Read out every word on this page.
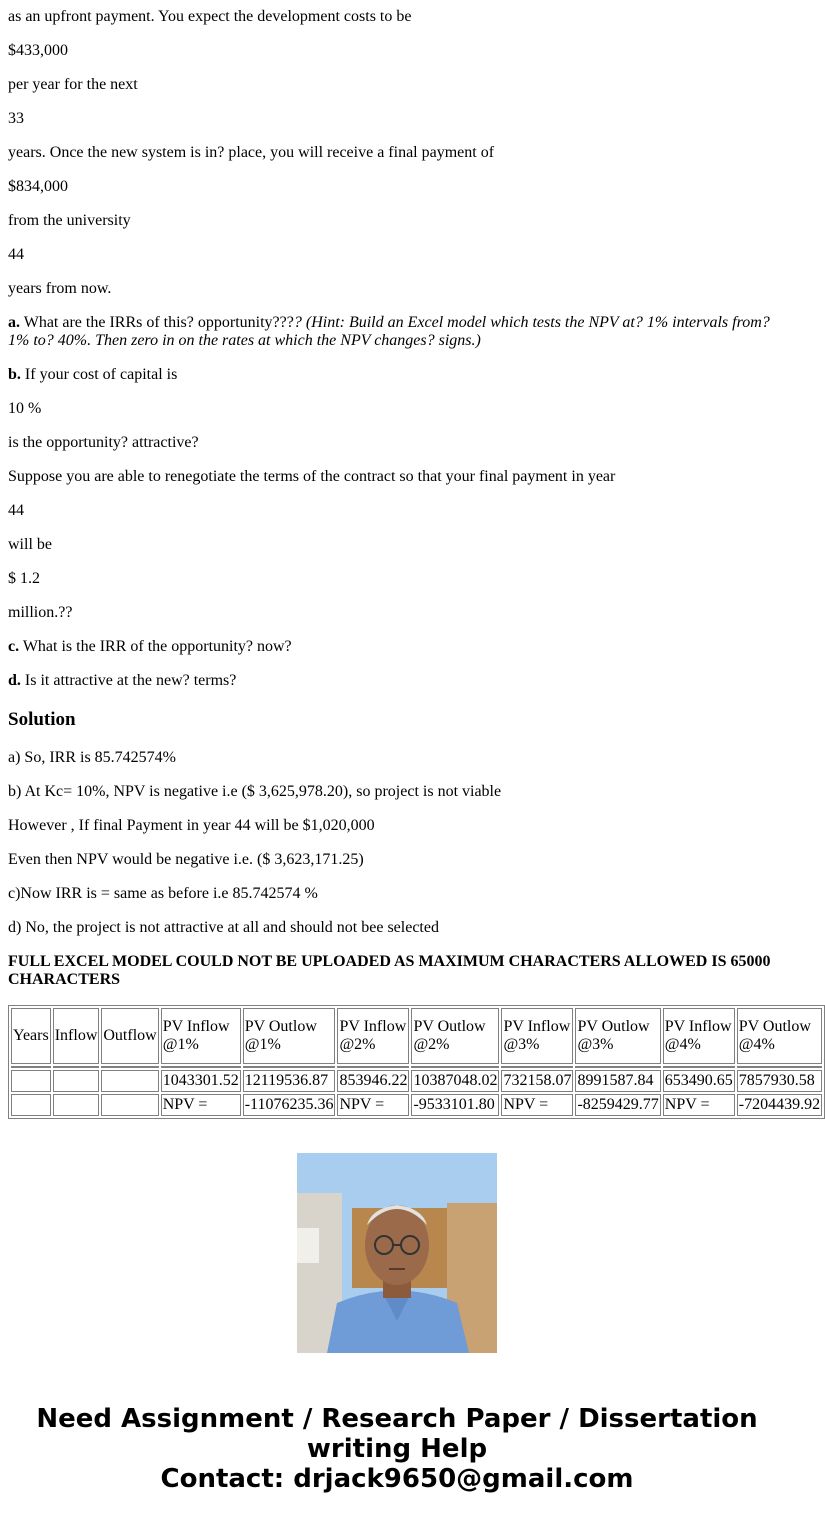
as an upfront payment. You expect the development costs to be
$433,000
per year for the next
33
years. Once the new system is in? place, you will receive a final payment of
$834,000
from the university
44
years from now.
a. What are the IRRs of this? opportunity???? (Hint: Build an Excel model which tests the NPV at? 1% intervals from? 1% to? 40%. Then zero in on the rates at which the NPV changes? signs.)
b. If your cost of capital is
10 %
is the opportunity? attractive?
Suppose you are able to renegotiate the terms of the contract so that your final payment in year
44
will be
$ 1.2
million.??
c. What is the IRR of the opportunity? now?
d. Is it attractive at the new? terms?
Solution
a) So, IRR is 85.742574%
b) At Kc= 10%, NPV is negative i.e ($ 3,625,978.20), so project is not viable
However , If final Payment in year 44 will be $1,020,000
Even then NPV would be negative i.e. ($ 3,623,171.25)
c)Now IRR is = same as before i.e 85.742574 %
d) No, the project is not attractive at all and should not bee selected
FULL EXCEL MODEL COULD NOT BE UPLOADED AS MAXIMUM CHARACTERS ALLOWED IS 65000 CHARACTERS
Years	Inflow	Outflow	PV Inflow @1%	PV Outlow @1%	PV Inflow @2%	PV Outlow @2%	PV Inflow @3%	PV Outlow @3%	PV Inflow @4%	PV Outlow @4%

			1043301.52	12119536.87	853946.22	10387048.02	732158.07	8991587.84	653490.65	7857930.58
			NPV =	-11076235.36	NPV =	-9533101.80	NPV =	-8259429.77	NPV =	-7204439.92
Need Assignment / Research Paper / Dissertation
writing Help
Contact: drjack9650@gmail.com
